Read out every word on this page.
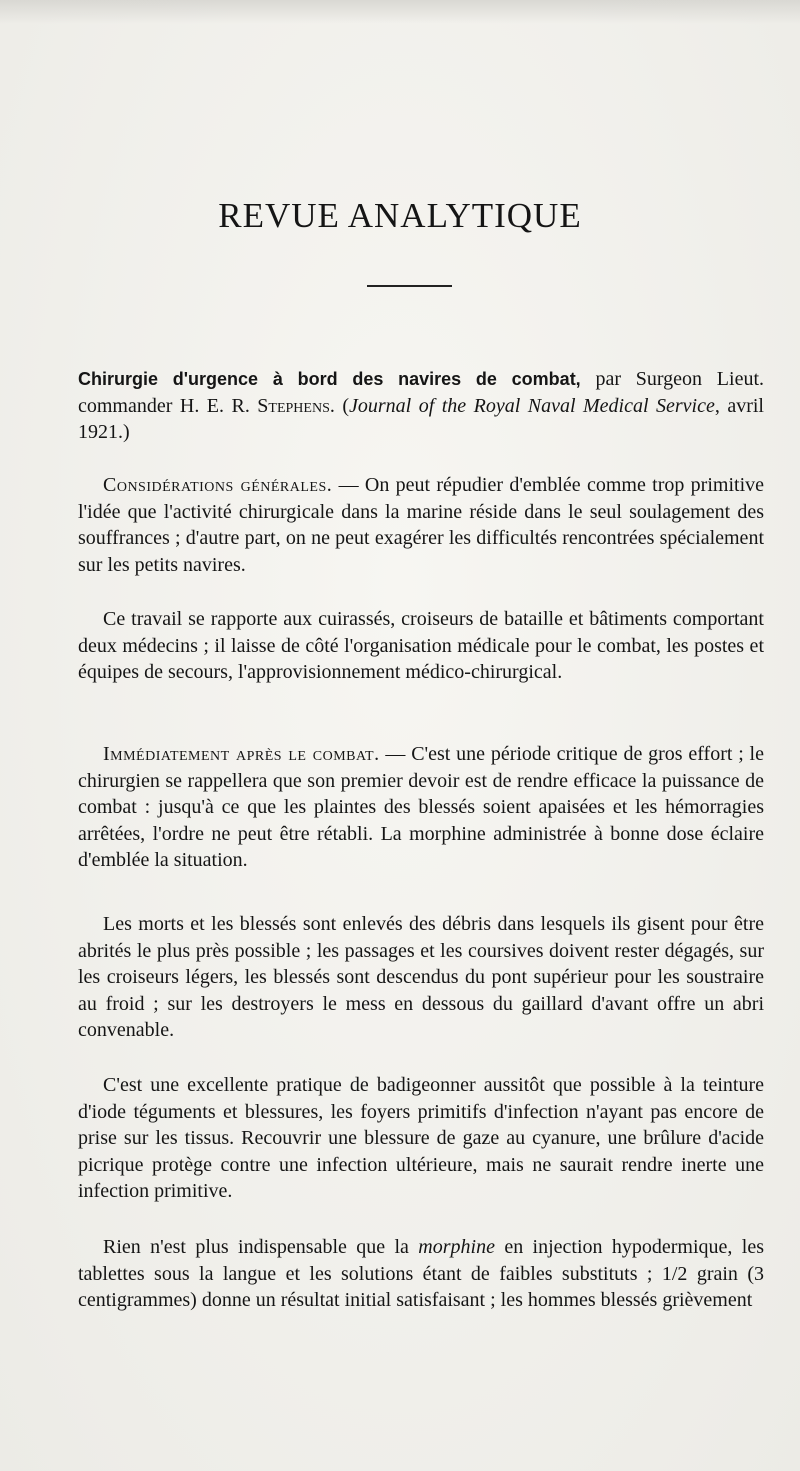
REVUE ANALYTIQUE

Chirurgie d'urgence à bord des navires de combat, par Surgeon Lieut. commander H. E. R. Stephens. (Journal of the Royal Naval Medical Service, avril 1921.)

Considérations générales. — On peut répudier d'emblée comme trop primitive l'idée que l'activité chirurgicale dans la marine réside dans le seul soulagement des souffrances ; d'autre part, on ne peut exagérer les difficultés rencontrées spécialement sur les petits navires.

Ce travail se rapporte aux cuirassés, croiseurs de bataille et bâtiments comportant deux médecins ; il laisse de côté l'organisation médicale pour le combat, les postes et équipes de secours, l'approvisionnement médico-chirurgical.

Immédiatement après le combat. — C'est une période critique de gros effort ; le chirurgien se rappellera que son premier devoir est de rendre efficace la puissance de combat : jusqu'à ce que les plaintes des blessés soient apaisées et les hémorragies arrêtées, l'ordre ne peut être rétabli. La morphine administrée à bonne dose éclaire d'emblée la situation.

Les morts et les blessés sont enlevés des débris dans lesquels ils gisent pour être abrités le plus près possible ; les passages et les coursives doivent rester dégagés, sur les croiseurs légers, les blessés sont descendus du pont supérieur pour les soustraire au froid ; sur les destroyers le mess en dessous du gaillard d'avant offre un abri convenable.

C'est une excellente pratique de badigeonner aussitôt que possible à la teinture d'iode téguments et blessures, les foyers primitifs d'infection n'ayant pas encore de prise sur les tissus. Recouvrir une blessure de gaze au cyanure, une brûlure d'acide picrique protège contre une infection ultérieure, mais ne saurait rendre inerte une infection primitive.

Rien n'est plus indispensable que la morphine en injection hypodermique, les tablettes sous la langue et les solutions étant de faibles substituts ; 1/2 grain (3 centigrammes) donne un résultat initial satisfaisant ; les hommes blessés grièvement
